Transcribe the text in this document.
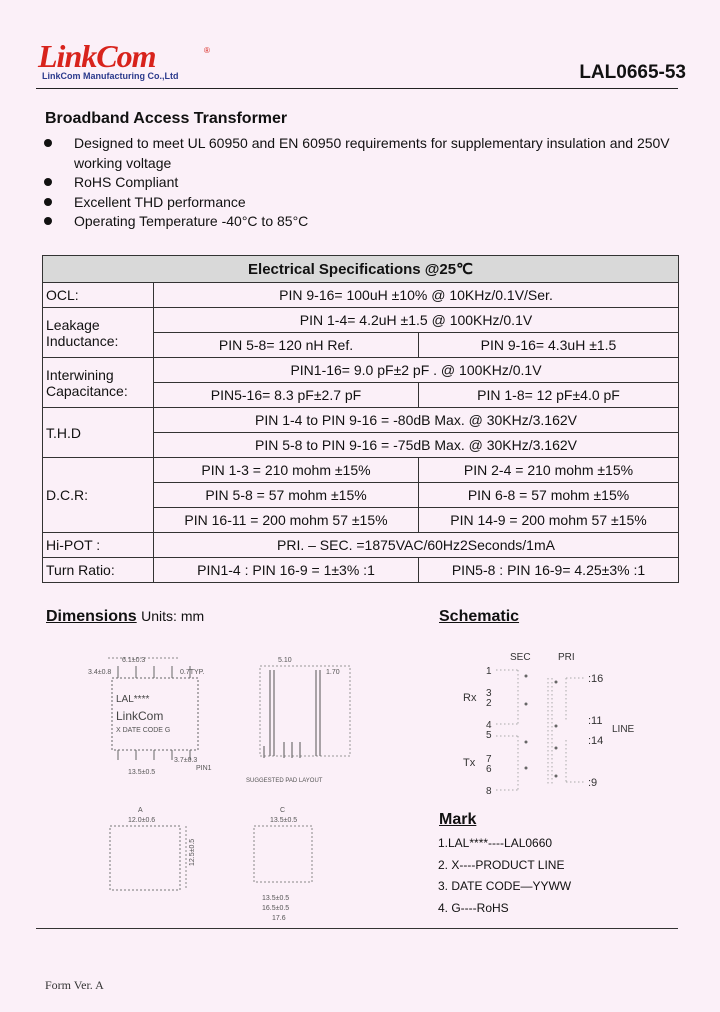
LinkCom	®
LinkCom Manufacturing Co.,Ltd	LAL0665-53
Broadband Access Transformer
Designed to meet UL 60950 and EN 60950 requirements for supplementary insulation and 250V working voltage
RoHS Compliant
Excellent THD performance
Operating Temperature -40°C to 85°C
Electrical Specifications @25℃		
OCL:	PIN 9-16= 100uH ±10% @ 10KHz/0.1V/Ser.	
Leakage Inductance:	PIN 1-4= 4.2uH ±1.5 @ 100KHz/0.1V	
	PIN 5-8= 120 nH Ref.	PIN 9-16= 4.3uH ±1.5
Interwining Capacitance:	PIN1-16= 9.0 pF±2 pF . @ 100KHz/0.1V	
	PIN5-16= 8.3 pF±2.7 pF	PIN 1-8= 12 pF±4.0 pF
T.H.D	PIN 1-4 to PIN 9-16 = -80dB Max. @ 30KHz/3.162V	
	PIN 5-8 to PIN 9-16 = -75dB Max. @ 30KHz/3.162V	
D.C.R:	PIN 1-3 = 210 mohm ±15%	PIN 2-4 = 210 mohm ±15%
	PIN 5-8 = 57 mohm ±15%	PIN 6-8 = 57 mohm ±15%
	PIN 16-11 = 200 mohm 57 ±15%	PIN 14-9 = 200 mohm 57 ±15%
Hi-POT :	PRI. – SEC. =1875VAC/60Hz2Seconds/1mA	
Turn Ratio:	PIN1-4 : PIN 16-9 = 1±3% :1	PIN5-8 : PIN 16-9= 4.25±3% :1
Dimensions Units: mm
6.1±0.3
3.4±0.8	0.7TYP.
LAL****
LinkCom
X DATE CODE G
13.5±0.5
3.7±0.3
PIN1
5.10
1.70
SUGGESTED PAD LAYOUT
A
12.0±0.6
12.5±0.5
C
13.5±0.5
13.5±0.5
16.5±0.5
17.6
Schematic
SEC	PRI
Rx
Tx
LINE
1
3
2
4
5
7
6
8
:16
:11
:14
:9
Mark
1.LAL****----LAL0660
2. X----PRODUCT LINE
3. DATE CODE—YYWW
4. G----RoHS
Form Ver. A
